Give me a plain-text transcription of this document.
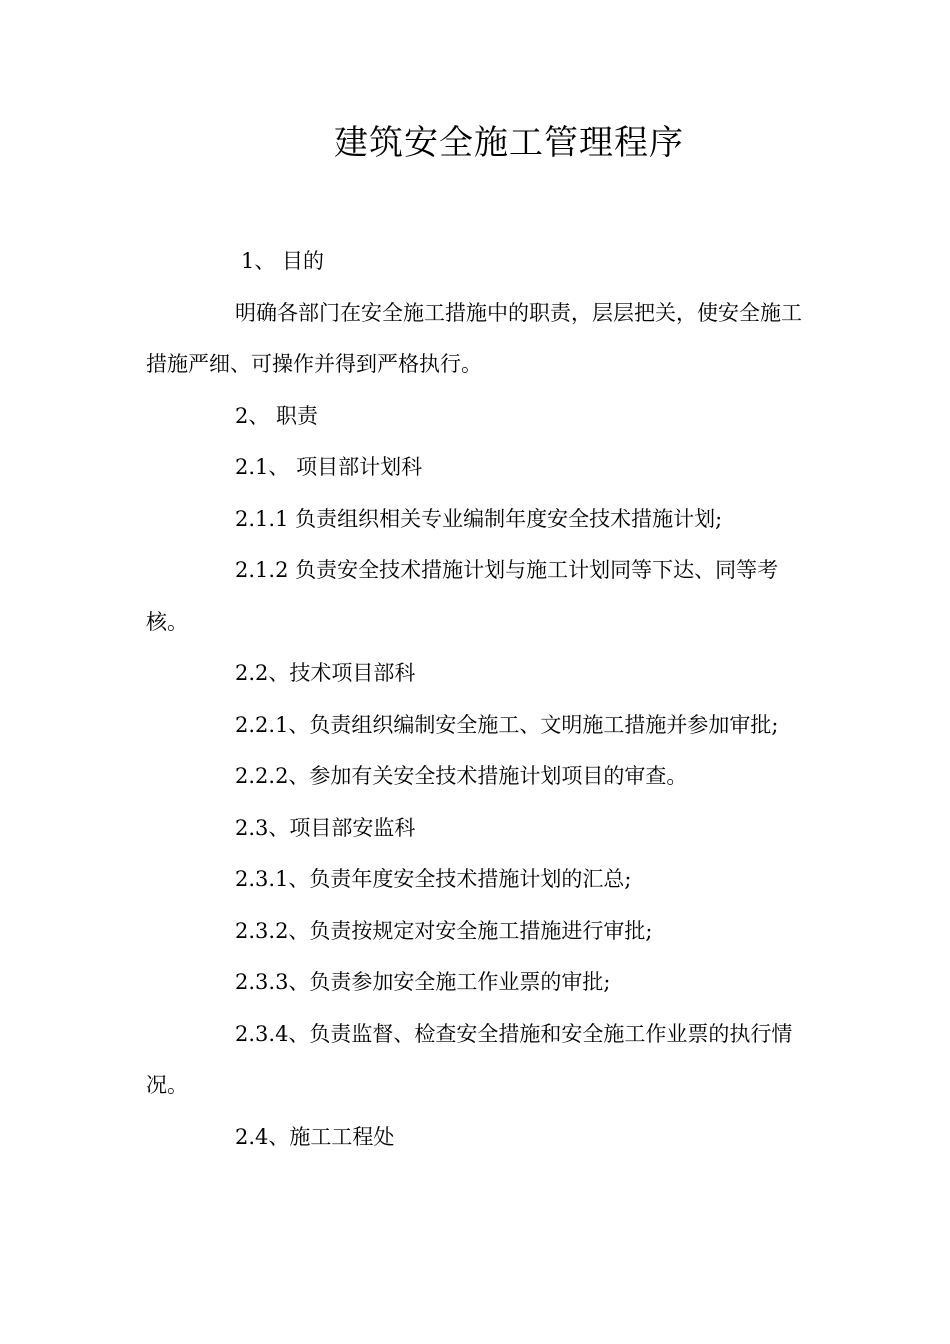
建筑安全施工管理程序

1、 目的

明确各部门在安全施工措施中的职责，层层把关，使安全施工措施严细、可操作并得到严格执行。

2、 职责

2.1、 项目部计划科

2.1.1 负责组织相关专业编制年度安全技术措施计划;

2.1.2 负责安全技术措施计划与施工计划同等下达、同等考核。

2.2、技术项目部科

2.2.1、负责组织编制安全施工、文明施工措施并参加审批;

2.2.2、参加有关安全技术措施计划项目的审查。

2.3、项目部安监科

2.3.1、负责年度安全技术措施计划的汇总;

2.3.2、负责按规定对安全施工措施进行审批;

2.3.3、负责参加安全施工作业票的审批;

2.3.4、负责监督、检查安全措施和安全施工作业票的执行情况。

2.4、施工工程处
